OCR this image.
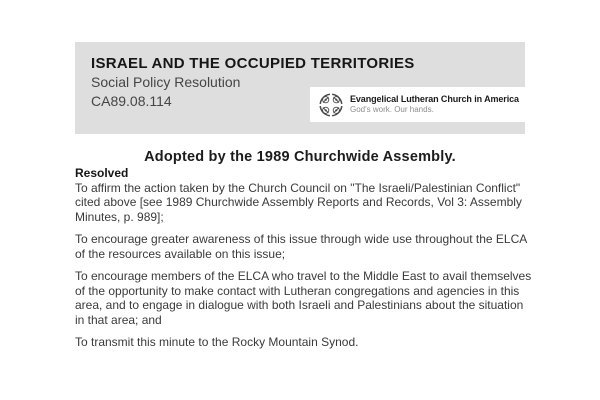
ISRAEL AND THE OCCUPIED TERRITORIES
Social Policy Resolution
CA89.08.114	Evangelical Lutheran Church in America
God's work. Our hands.
Adopted by the 1989 Churchwide Assembly.
Resolved

To affirm the action taken by the Church Council on "The Israeli/Palestinian Conflict" cited above [see 1989 Churchwide Assembly Reports and Records, Vol 3: Assembly Minutes, p. 989];

To encourage greater awareness of this issue through wide use throughout the ELCA of the resources available on this issue;

To encourage members of the ELCA who travel to the Middle East to avail themselves of the opportunity to make contact with Lutheran congregations and agencies in this area, and to engage in dialogue with both Israeli and Palestinians about the situation in that area; and

To transmit this minute to the Rocky Mountain Synod.
